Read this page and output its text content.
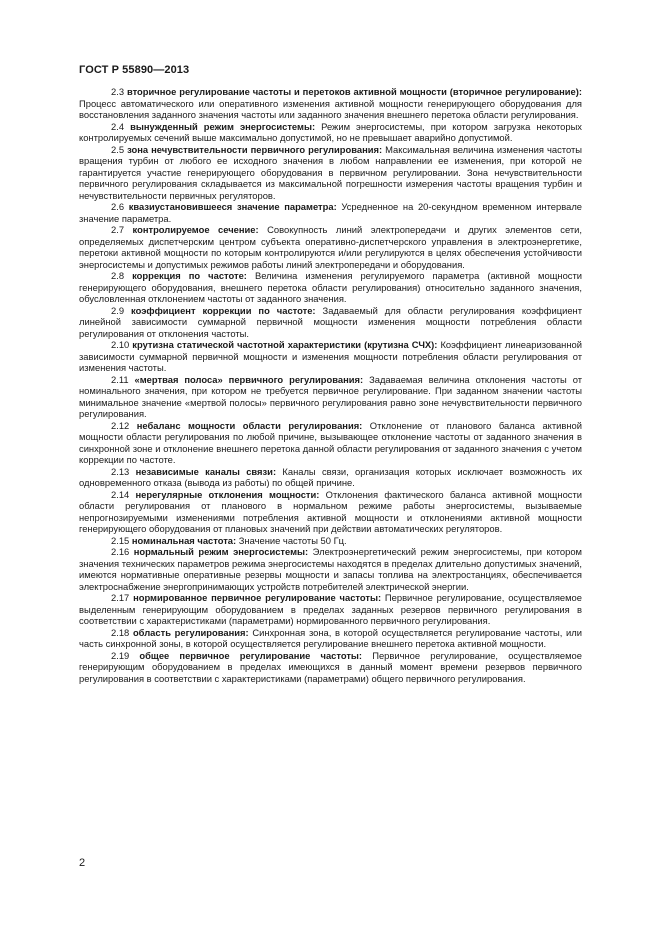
ГОСТ Р 55890—2013

2.3 вторичное регулирование частоты и перетоков активной мощности (вторичное регулирование): Процесс автоматического или оперативного изменения активной мощности генерирующего оборудования для восстановления заданного значения частоты или заданного значения внешнего перетока области регулирования.

2.4 вынужденный режим энергосистемы: Режим энергосистемы, при котором загрузка некоторых контролируемых сечений выше максимально допустимой, но не превышает аварийно допустимой.

2.5 зона нечувствительности первичного регулирования: Максимальная величина изменения частоты вращения турбин от любого ее исходного значения в любом направлении ее изменения, при которой не гарантируется участие генерирующего оборудования в первичном регулировании. Зона нечувствительности первичного регулирования складывается из максимальной погрешности измерения частоты вращения турбин и нечувствительности первичных регуляторов.

2.6 квазиустановившееся значение параметра: Усредненное на 20-секундном временном интервале значение параметра.

2.7 контролируемое сечение: Совокупность линий электропередачи и других элементов сети, определяемых диспетчерским центром субъекта оперативно-диспетчерского управления в электроэнергетике, перетоки активной мощности по которым контролируются и/или регулируются в целях обеспечения устойчивости энергосистемы и допустимых режимов работы линий электропередачи и оборудования.

2.8 коррекция по частоте: Величина изменения регулируемого параметра (активной мощности генерирующего оборудования, внешнего перетока области регулирования) относительно заданного значения, обусловленная отклонением частоты от заданного значения.

2.9 коэффициент коррекции по частоте: Задаваемый для области регулирования коэффициент линейной зависимости суммарной первичной мощности изменения мощности потребления области регулирования от отклонения частоты.

2.10 крутизна статической частотной характеристики (крутизна СЧХ): Коэффициент линеаризованной зависимости суммарной первичной мощности и изменения мощности потребления области регулирования от изменения частоты.

2.11 «мертвая полоса» первичного регулирования: Задаваемая величина отклонения частоты от номинального значения, при котором не требуется первичное регулирование. При заданном значении частоты минимальное значение «мертвой полосы» первичного регулирования равно зоне нечувствительности первичного регулирования.

2.12 небаланс мощности области регулирования: Отклонение от планового баланса активной мощности области регулирования по любой причине, вызывающее отклонение частоты от заданного значения в синхронной зоне и отклонение внешнего перетока данной области регулирования от заданного значения с учетом коррекции по частоте.

2.13 независимые каналы связи: Каналы связи, организация которых исключает возможность их одновременного отказа (вывода из работы) по общей причине.

2.14 нерегулярные отклонения мощности: Отклонения фактического баланса активной мощности области регулирования от планового в нормальном режиме работы энергосистемы, вызываемые непрогнозируемыми изменениями потребления активной мощности и отклонениями активной мощности генерирующего оборудования от плановых значений при действии автоматических регуляторов.

2.15 номинальная частота: Значение частоты 50 Гц.

2.16 нормальный режим энергосистемы: Электроэнергетический режим энергосистемы, при котором значения технических параметров режима энергосистемы находятся в пределах длительно допустимых значений, имеются нормативные оперативные резервы мощности и запасы топлива на электростанциях, обеспечивается электроснабжение энергопринимающих устройств потребителей электрической энергии.

2.17 нормированное первичное регулирование частоты: Первичное регулирование, осуществляемое выделенным генерирующим оборудованием в пределах заданных резервов первичного регулирования в соответствии с характеристиками (параметрами) нормированного первичного регулирования.

2.18 область регулирования: Синхронная зона, в которой осуществляется регулирование частоты, или часть синхронной зоны, в которой осуществляется регулирование внешнего перетока активной мощности.

2.19 общее первичное регулирование частоты: Первичное регулирование, осуществляемое генерирующим оборудованием в пределах имеющихся в данный момент времени резервов первичного регулирования в соответствии с характеристиками (параметрами) общего первичного регулирования.

2
